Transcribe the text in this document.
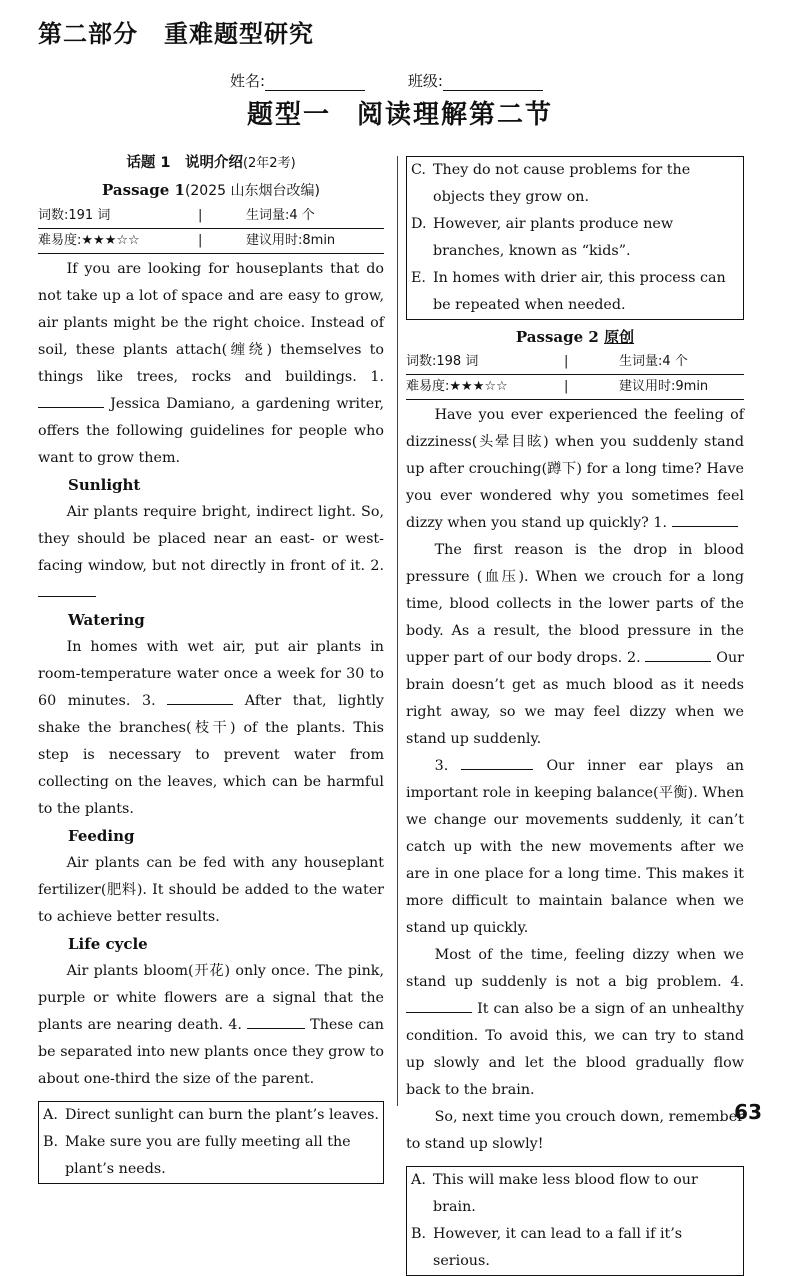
第二部分 重难题型研究
姓名:	班级:
题型一 阅读理解第二节
话题 1　说明介绍(2年2考)
Passage 1(2025 山东烟台改编)
词数:191 词	|	生词量:4 个
难易度:★★★☆☆	|	建议用时:8min

If you are looking for houseplants that do not take up a lot of space and are easy to grow, air plants might be the right choice. Instead of soil, these plants attach(缠绕) themselves to things like trees, rocks and buildings. 1.  Jessica Damiano, a gardening writer, offers the following guidelines for people who want to grow them.

Sunlight

Air plants require bright, indirect light. So, they should be placed near an east- or west-facing window, but not directly in front of it. 2.

Watering

In homes with wet air, put air plants in room-temperature water once a week for 30 to 60 minutes. 3.	After that, lightly shake the branches(枝干) of the plants. This step is necessary to prevent water from collecting on the leaves, which can be harmful to the plants.

Feeding

Air plants can be fed with any houseplant fertilizer(肥料). It should be added to the water to achieve better results.

Life cycle

Air plants bloom(开花) only once. The pink, purple or white flowers are a signal that the plants are nearing death. 4.	These can be separated into new plants once they grow to about one-third the size of the parent.

A. Direct sunlight can burn the plant’s leaves.
B. Make sure you are fully meeting all the plant’s needs.
C. They do not cause problems for the objects they grow on.
D. However, air plants produce new branches, known as “kids”.
E. In homes with drier air, this process can be repeated when needed.
Passage 2 原创
词数:198 词	|	生词量:4 个
难易度:★★★☆☆	|	建议用时:9min

Have you ever experienced the feeling of dizziness(头晕目眩) when you suddenly stand up after crouching(蹲下) for a long time? Have you ever wondered why you sometimes feel dizzy when you stand up quickly? 1.

The first reason is the drop in blood pressure (血压). When we crouch for a long time, blood collects in the lower parts of the body. As a result, the blood pressure in the upper part of our body drops. 2.	Our brain doesn’t get as much blood as it needs right away, so we may feel dizzy when we stand up suddenly.

3.	Our inner ear plays an important role in keeping balance(平衡). When we change our movements suddenly, it can’t catch up with the new movements after we are in one place for a long time. This makes it more difficult to maintain balance when we stand up quickly.

Most of the time, feeling dizzy when we stand up suddenly is not a big problem. 4.  It can also be a sign of an unhealthy condition. To avoid this, we can try to stand up slowly and let the blood gradually flow back to the brain.

So, next time you crouch down, remember to stand up slowly!

A. This will make less blood flow to our brain.
B. However, it can lead to a fall if it’s serious.
63
